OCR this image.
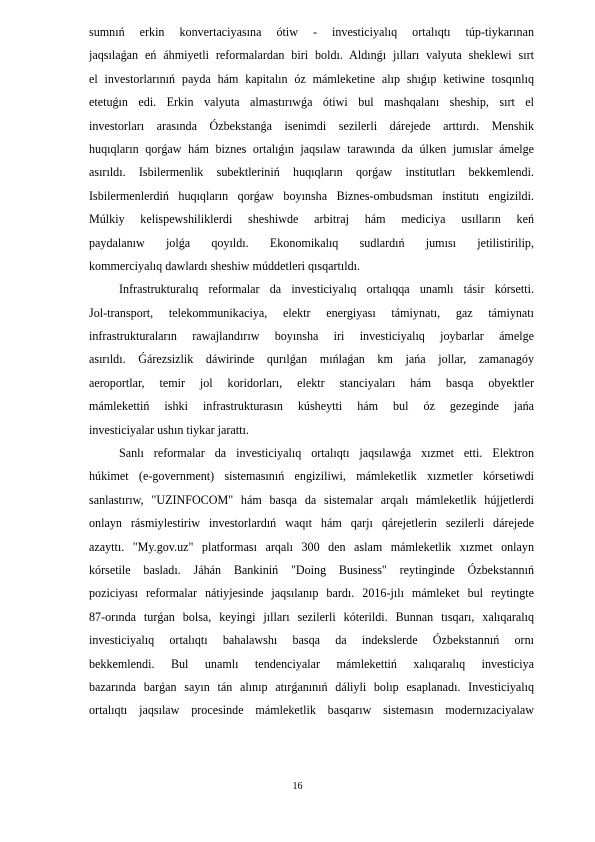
sumnıń erkin konvertaciyasına ótiw - investiciyalıq ortalıqtı túp-tiykarınan
jaqsılaǵan eń áhmiyetli reformalardan biri boldı. Aldınǵı jılları valyuta sheklewi sırt
el investorlarınıń payda hám kapitalın óz mámleketine alıp shıǵıp ketiwine tosqınlıq
etetuǵın edi. Erkin valyuta almastırıwǵa ótiwi bul mashqalanı sheship, sırt el
investorları arasında Ózbekstanǵa isenimdi sezilerli dárejede arttırdı. Menshik
huqıqların qorǵaw hám biznes ortalıǵın jaqsılaw tarawında da úlken jumıslar ámelge
asırıldı. Isbilermenlik subektleriniń huqıqların qorǵaw institutları bekkemlendi.
Isbilermenlerdiń huqıqların qorǵaw boyınsha Biznes-ombudsman institutı engizildi.
Múlkiy kelispewshiliklerdi sheshiwde arbitraj hám mediciya usılların keń
paydalanıw jolǵa qoyıldı. Ekonomikalıq sudlardıń jumısı jetilistirilip,
kommerciyalıq dawlardı sheshiw múddetleri qısqartıldı.
Infrastrukturalıq reformalar da investiciyalıq ortalıqqa unamlı tásir kórsetti.
Jol-transport, telekommunikaciya, elektr energiyası támiynatı, gaz támiynatı
infrastrukturaların rawajlandırıw boyınsha iri investiciyalıq joybarlar ámelge
asırıldı. Ǵárezsizlik dáwirinde qurılǵan mıńlaǵan km jańa jollar, zamanagóy
aeroportlar, temir jol koridorları, elektr stanciyaları hám basqa obyektler
mámlekettiń ishki infrastrukturasın kúsheytti hám bul óz gezeginde jańa
investiciyalar ushın tiykar jarattı.
Sanlı reformalar da investiciyalıq ortalıqtı jaqsılawǵa xızmet etti. Elektron
húkimet (e-government) sistemasınıń engiziliwi, mámleketlik xızmetler kórsetiwdi
sanlastırıw, "UZINFOCOM" hám basqa da sistemalar arqalı mámleketlik hújjetlerdi
onlayn rásmiylestiriw investorlardıń waqıt hám qarjı qárejetlerin sezilerli dárejede
azayttı. "My.gov.uz" platforması arqalı 300 den aslam mámleketlik xızmet onlayn
kórsetile basladı. Jáhán Bankiniń "Doing Business" reytinginde Ózbekstannıń
poziciyası reformalar nátiyjesinde jaqsılanıp bardı. 2016-jılı mámleket bul reytingte
87-orında turǵan bolsa, keyingi jılları sezilerli kóterildi. Bunnan tısqarı, xalıqaralıq
investiciyalıq ortalıqtı bahalawshı basqa da indekslerde Ózbekstannıń ornı
bekkemlendi. Bul unamlı tendenciyalar mámlekettiń xalıqaralıq investiciya
bazarında barǵan sayın tán alınıp atırǵanınıń dáliyli bolıp esaplanadı. Investiciyalıq
ortalıqtı jaqsılaw procesinde mámleketlik basqarıw sistemasın modernızaciyalaw
16
